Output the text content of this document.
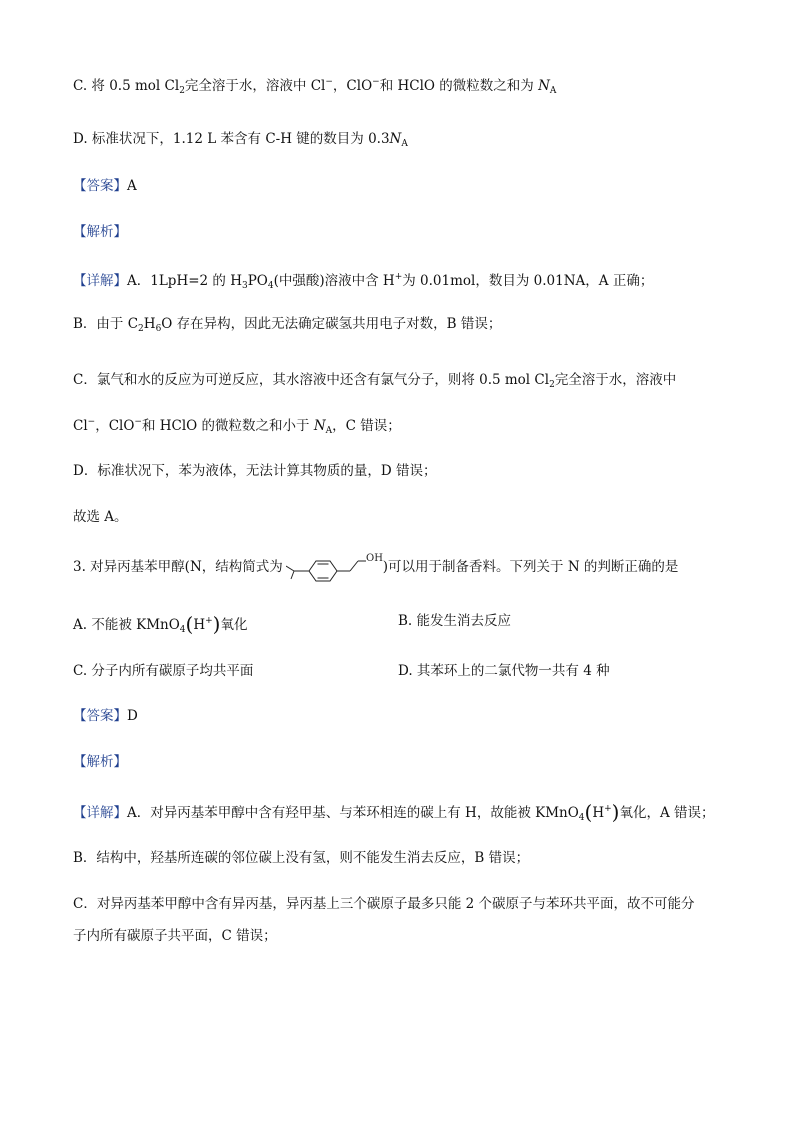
C. 将 0.5 mol $Cl_2$完全溶于水，溶液中 Cl−，ClO−和 HClO 的微粒数之和为 $N_A$
D. 标准状况下，1.12 L 苯含有 C-H 键的数目为 $0.3N_A$
【答案】A
【解析】
【详解】A．1LpH=2 的 $H_3PO_4$(中强酸)溶液中含 H+为 0.01mol，数目为 0.01NA，A 正确；
B．由于 $C_2H_6O$ 存在异构，因此无法确定碳氢共用电子对数，B 错误；
C．氯气和水的反应为可逆反应，其水溶液中还含有氯气分子，则将 0.5 mol $Cl_2$完全溶于水，溶液中
Cl−，ClO−和 HClO 的微粒数之和小于 $N_A$，C 错误；
D．标准状况下，苯为液体，无法计算其物质的量，D 错误；
故选 A。
3. 对异丙基苯甲醇(N，结构简式为	)可以用于制备香料。下列关于 N 的判断正确的是
OH
A. 不能被 KMnO$_4$(H+)氧化	B. 能发生消去反应
C. 分子内所有碳原子均共平面	D. 其苯环上的二氯代物一共有 4 种
【答案】D
【解析】
【详解】A．对异丙基苯甲醇中含有羟甲基、与苯环相连的碳上有 H，故能被 KMnO$_4$(H+)氧化，A 错误；
B．结构中，羟基所连碳的邻位碳上没有氢，则不能发生消去反应，B 错误；
C．对异丙基苯甲醇中含有异丙基，异丙基上三个碳原子最多只能 2 个碳原子与苯环共平面，故不可能分
子内所有碳原子共平面，C 错误；
